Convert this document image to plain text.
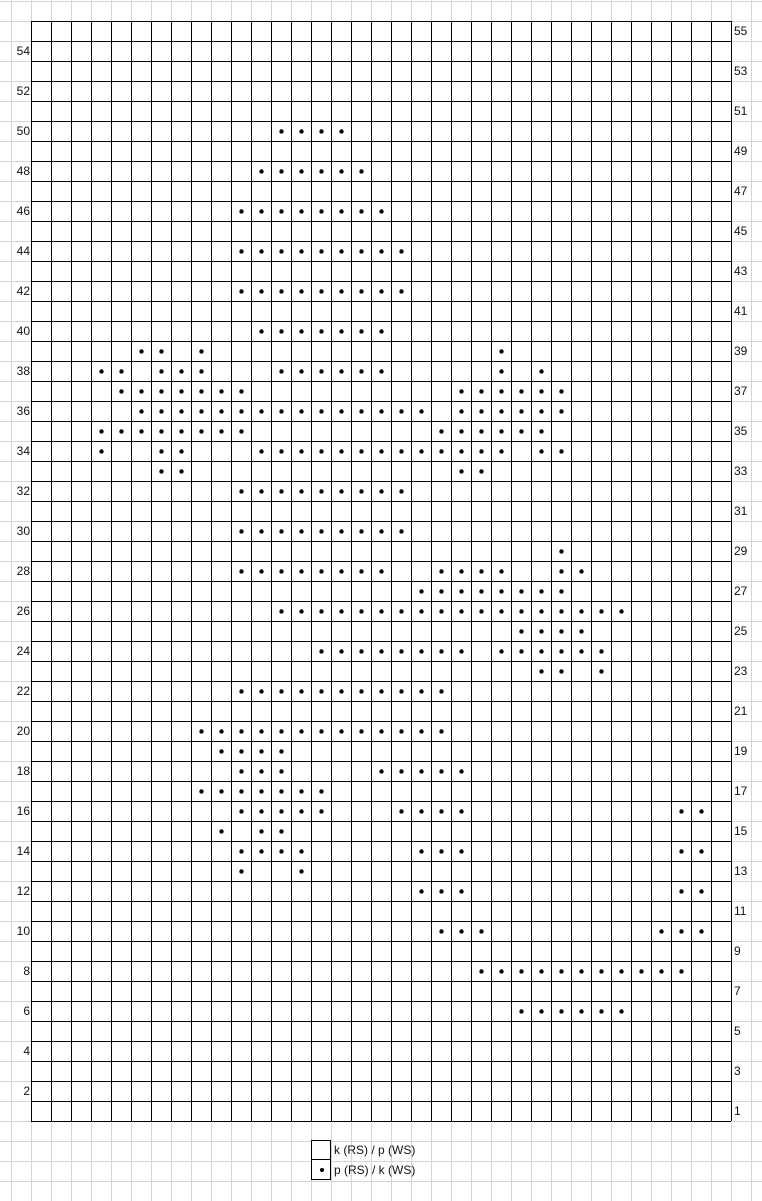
2
4
6
8
10
12
14
16
18
20
22
24
26
28
30
32
34
36
38
40
42
44
46
48
50
52
54
1
3
5
7
9
11
13
15
17
19
21
23
25
27
29
31
33
35
37
39
41
43
45
47
49
51
53
55
k (RS) / p (WS)
p (RS) / k (WS)
